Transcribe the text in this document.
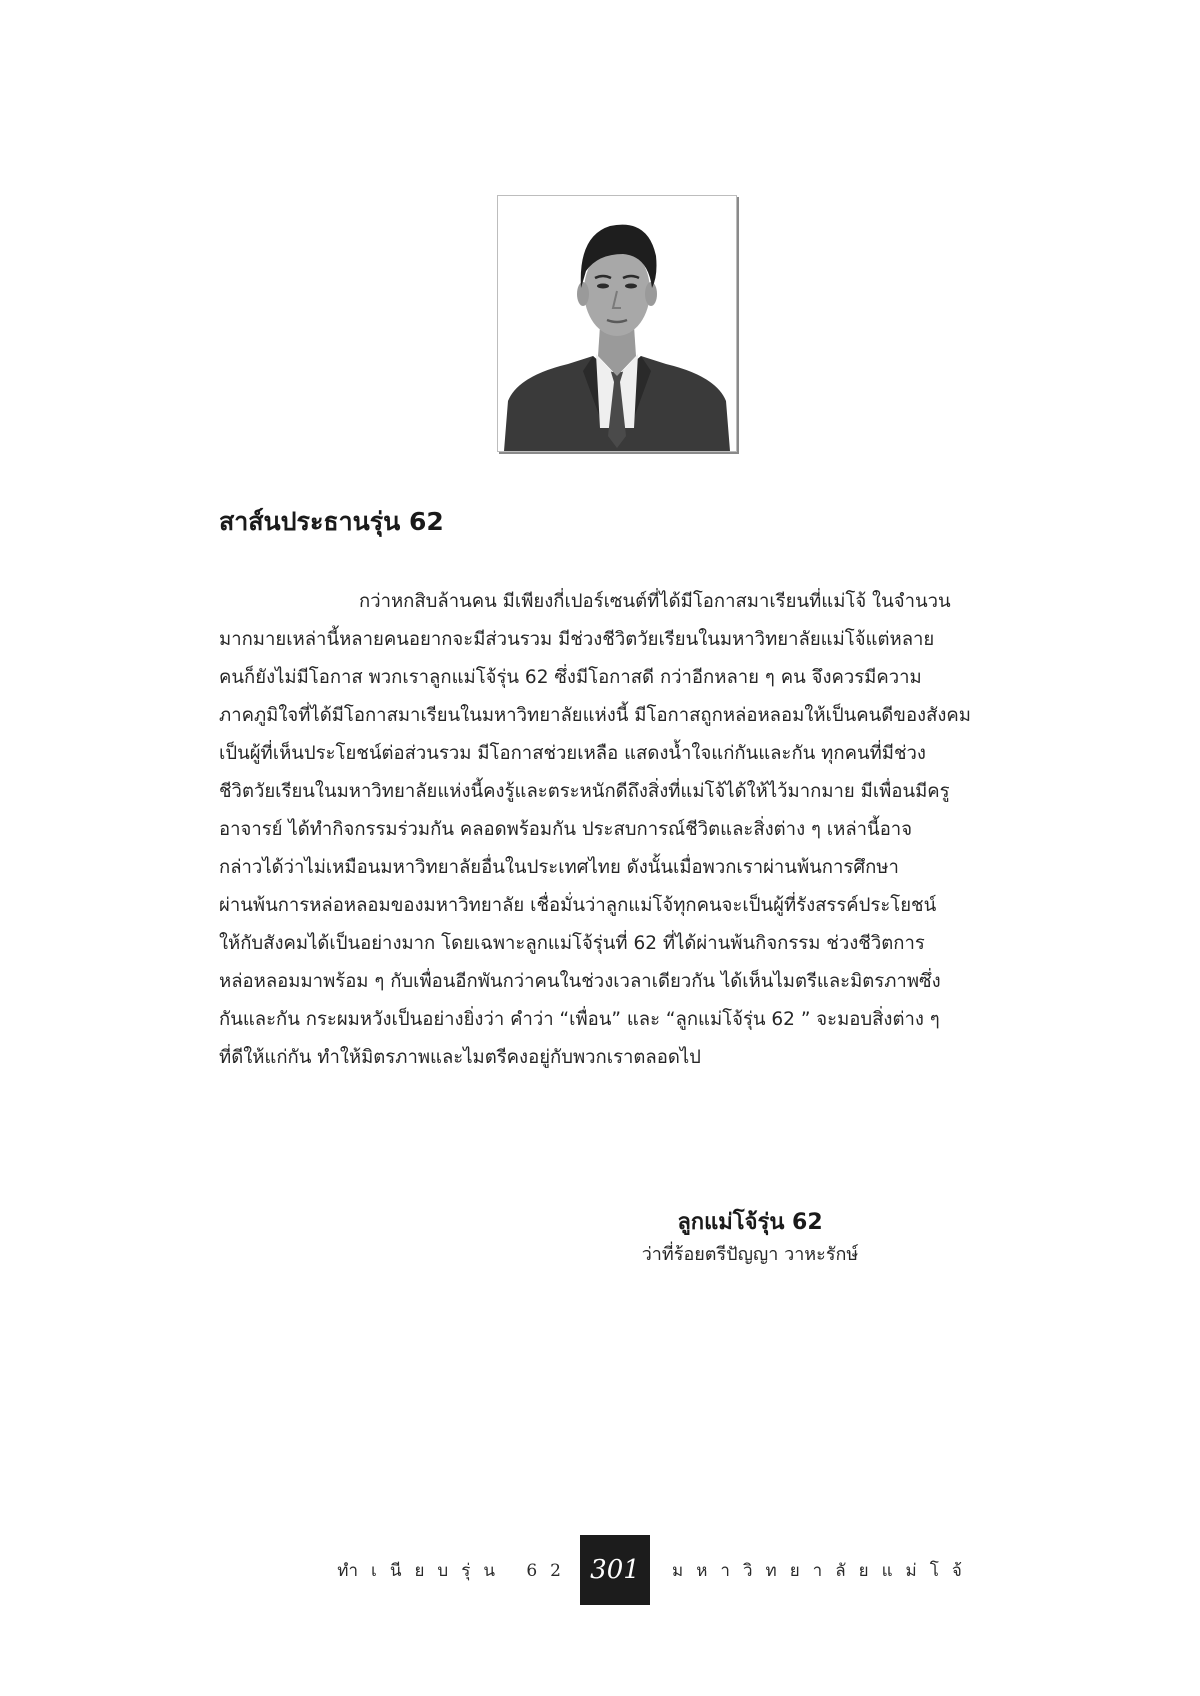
สาส์นประธานรุ่น 62
กว่าหกสิบล้านคน มีเพียงกี่เปอร์เซนต์ที่ได้มีโอกาสมาเรียนที่แม่โจ้ ในจำนวน
มากมายเหล่านี้หลายคนอยากจะมีส่วนรวม มีช่วงชีวิตวัยเรียนในมหาวิทยาลัยแม่โจ้แต่หลาย
คนก็ยังไม่มีโอกาส พวกเราลูกแม่โจ้รุ่น 62 ซึ่งมีโอกาสดี กว่าอีกหลาย ๆ คน จึงควรมีความ
ภาคภูมิใจที่ได้มีโอกาสมาเรียนในมหาวิทยาลัยแห่งนี้ มีโอกาสถูกหล่อหลอมให้เป็นคนดีของสังคม
เป็นผู้ที่เห็นประโยชน์ต่อส่วนรวม มีโอกาสช่วยเหลือ แสดงน้ำใจแก่กันและกัน ทุกคนที่มีช่วง
ชีวิตวัยเรียนในมหาวิทยาลัยแห่งนี้คงรู้และตระหนักดีถึงสิ่งที่แม่โจ้ได้ให้ไว้มากมาย มีเพื่อนมีครู
อาจารย์ ได้ทำกิจกรรมร่วมกัน คลอดพร้อมกัน ประสบการณ์ชีวิตและสิ่งต่าง ๆ เหล่านี้อาจ
กล่าวได้ว่าไม่เหมือนมหาวิทยาลัยอื่นในประเทศไทย ดังนั้นเมื่อพวกเราผ่านพ้นการศึกษา
ผ่านพ้นการหล่อหลอมของมหาวิทยาลัย เชื่อมั่นว่าลูกแม่โจ้ทุกคนจะเป็นผู้ที่รังสรรค์ประโยชน์
ให้กับสังคมได้เป็นอย่างมาก โดยเฉพาะลูกแม่โจ้รุ่นที่ 62 ที่ได้ผ่านพ้นกิจกรรม ช่วงชีวิตการ
หล่อหลอมมาพร้อม ๆ กับเพื่อนอีกพันกว่าคนในช่วงเวลาเดียวกัน ได้เห็นไมตรีและมิตรภาพซึ่ง
กันและกัน กระผมหวังเป็นอย่างยิ่งว่า คำว่า “เพื่อน” และ “ลูกแม่โจ้รุ่น 62 ” จะมอบสิ่งต่าง ๆ
ที่ดีให้แก่กัน ทำให้มิตรภาพและไมตรีคงอยู่กับพวกเราตลอดไป

ลูกแม่โจ้รุ่น 62

ว่าที่ร้อยตรีปัญญา วาหะรักษ์

ทำเนียบรุ่น 62 301	มหาวิทยาลัยแม่โจ้
